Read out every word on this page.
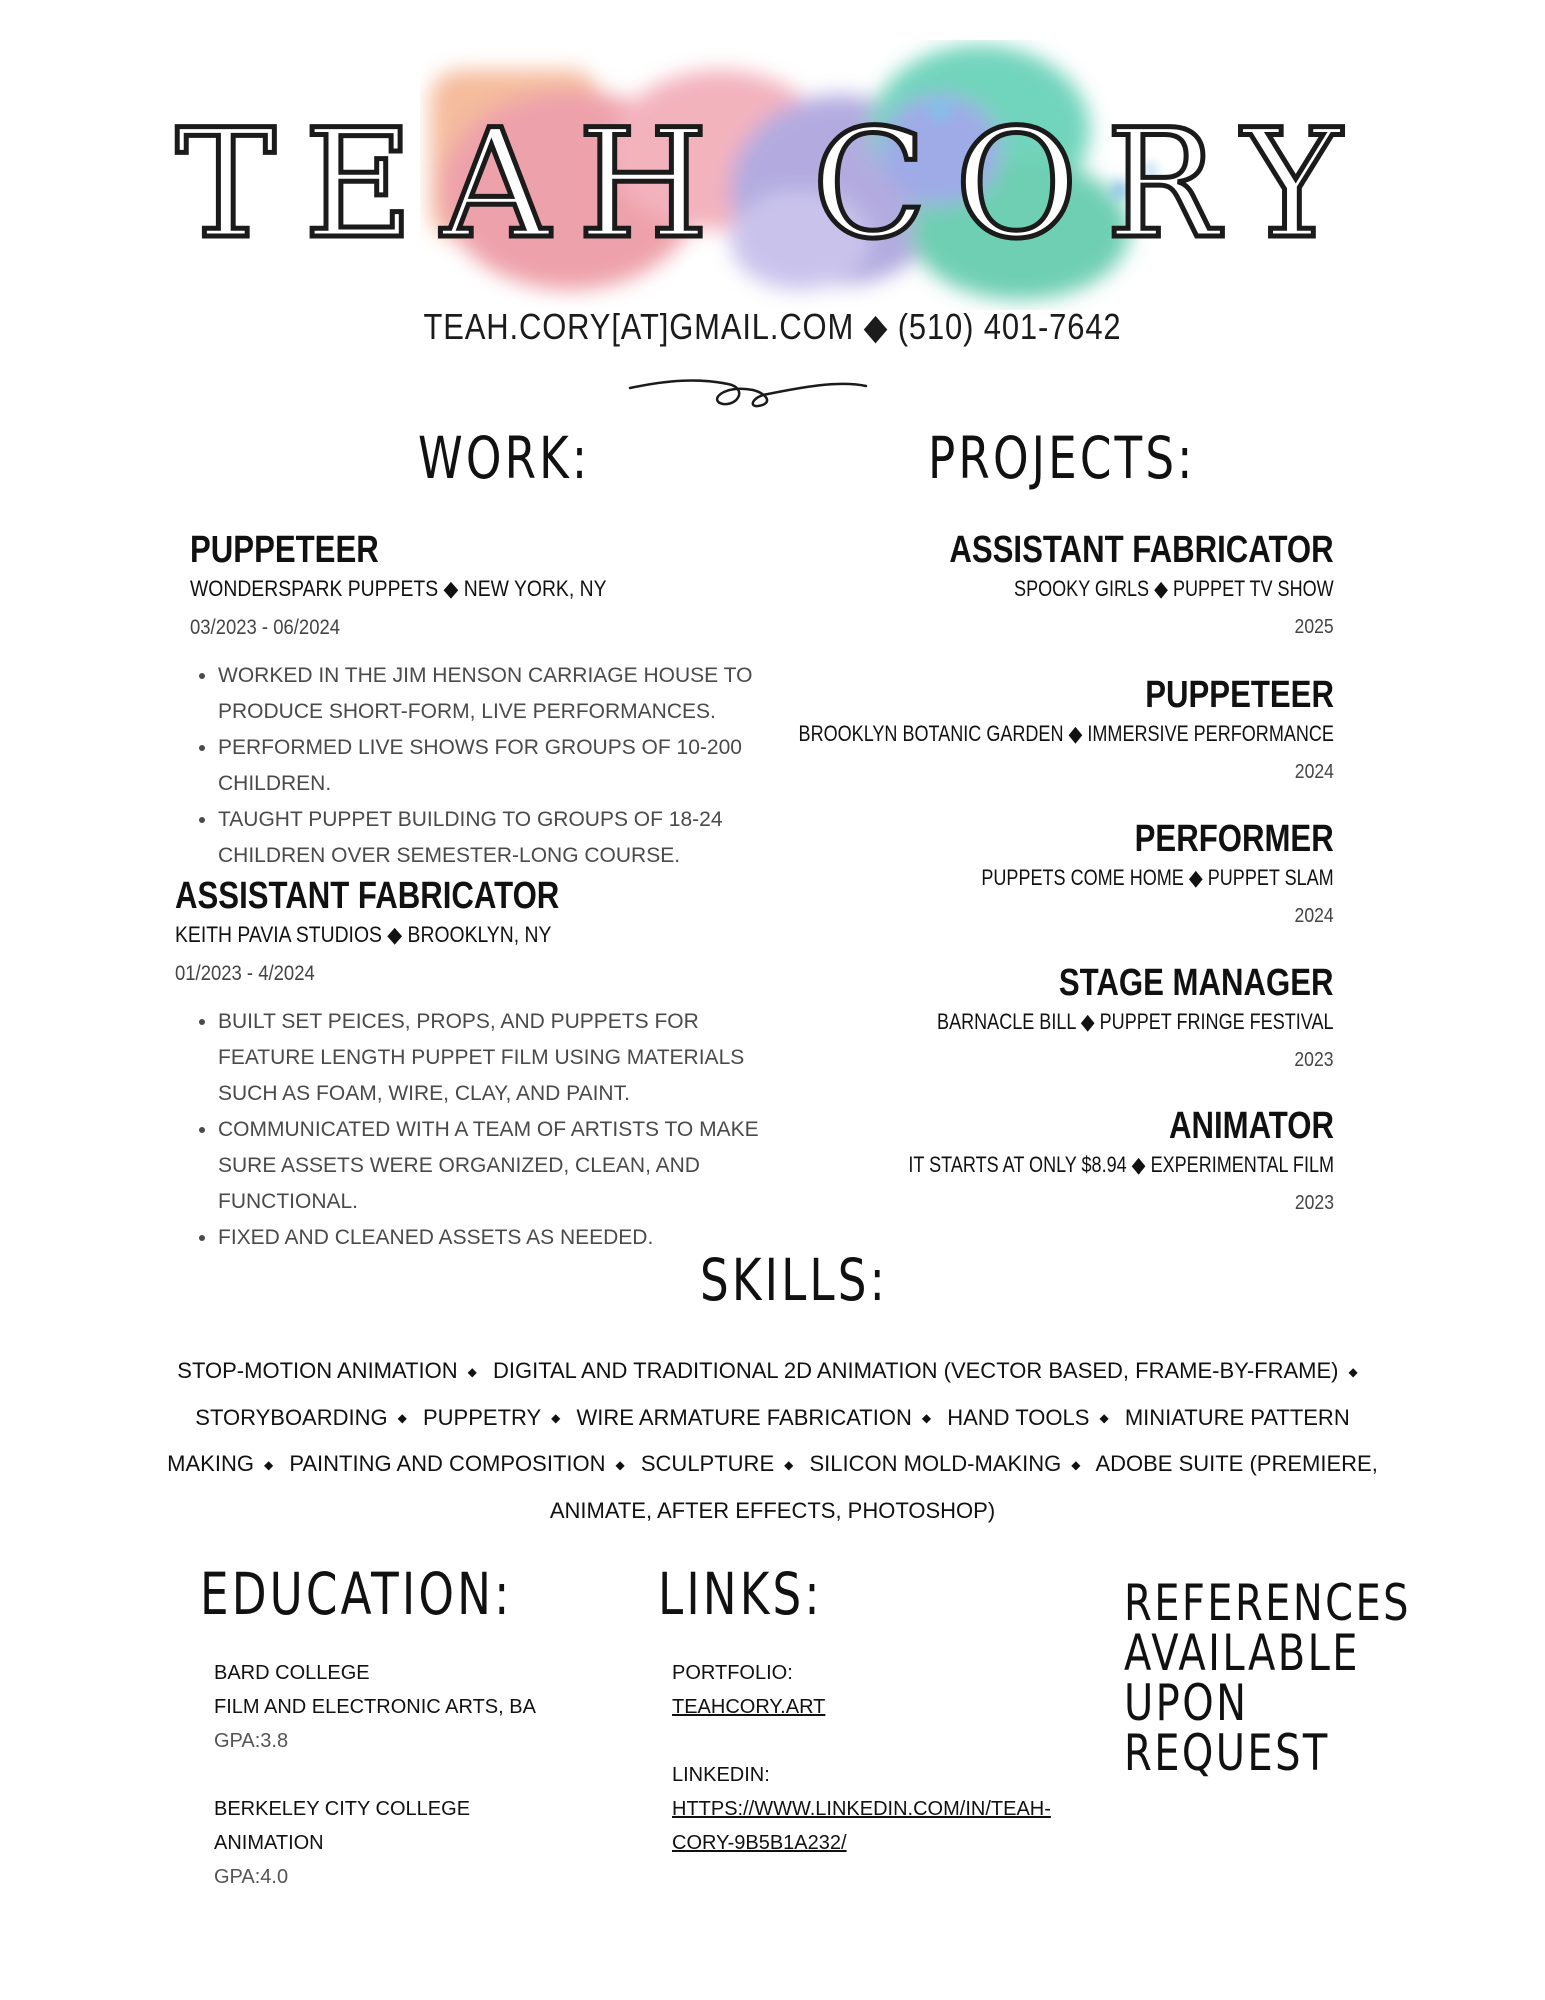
TEAH CORY
TEAH.CORY[AT]GMAIL.COM ◆ (510) 401-7642
WORK:	PROJECTS:
PUPPETEER
WONDERSPARK PUPPETS ◆ NEW YORK, NY
03/2023 - 06/2024
• WORKED IN THE JIM HENSON CARRIAGE HOUSE TO PRODUCE SHORT-FORM, LIVE PERFORMANCES.
• PERFORMED LIVE SHOWS FOR GROUPS OF 10-200 CHILDREN.
• TAUGHT PUPPET BUILDING TO GROUPS OF 18-24 CHILDREN OVER SEMESTER-LONG COURSE.
ASSISTANT FABRICATOR
KEITH PAVIA STUDIOS ◆ BROOKLYN, NY
01/2023 - 4/2024
• BUILT SET PEICES, PROPS, AND PUPPETS FOR FEATURE LENGTH PUPPET FILM USING MATERIALS SUCH AS FOAM, WIRE, CLAY, AND PAINT.
• COMMUNICATED WITH A TEAM OF ARTISTS TO MAKE SURE ASSETS WERE ORGANIZED, CLEAN, AND FUNCTIONAL.
• FIXED AND CLEANED ASSETS AS NEEDED.
ASSISTANT FABRICATOR
SPOOKY GIRLS ◆ PUPPET TV SHOW
2025
PUPPETEER
BROOKLYN BOTANIC GARDEN ◆ IMMERSIVE PERFORMANCE
2024
PERFORMER
PUPPETS COME HOME ◆ PUPPET SLAM
2024
STAGE MANAGER
BARNACLE BILL ◆ PUPPET FRINGE FESTIVAL
2023
ANIMATOR
IT STARTS AT ONLY $8.94 ◆ EXPERIMENTAL FILM
2023
SKILLS:
STOP-MOTION ANIMATION ◆ DIGITAL AND TRADITIONAL 2D ANIMATION (VECTOR BASED, FRAME-BY-FRAME) ◆ STORYBOARDING ◆ PUPPETRY ◆ WIRE ARMATURE FABRICATION ◆ HAND TOOLS ◆ MINIATURE PATTERN MAKING ◆ PAINTING AND COMPOSITION ◆ SCULPTURE ◆ SILICON MOLD-MAKING ◆ ADOBE SUITE (PREMIERE, ANIMATE, AFTER EFFECTS, PHOTOSHOP)
EDUCATION:
BARD COLLEGE
FILM AND ELECTRONIC ARTS, BA
GPA:3.8
BERKELEY CITY COLLEGE
ANIMATION
GPA:4.0
LINKS:
PORTFOLIO:
TEAHCORY.ART
LINKEDIN:
HTTPS://WWW.LINKEDIN.COM/IN/TEAH-
CORY-9B5B1A232/
REFERENCES
AVAILABLE
UPON
REQUEST
